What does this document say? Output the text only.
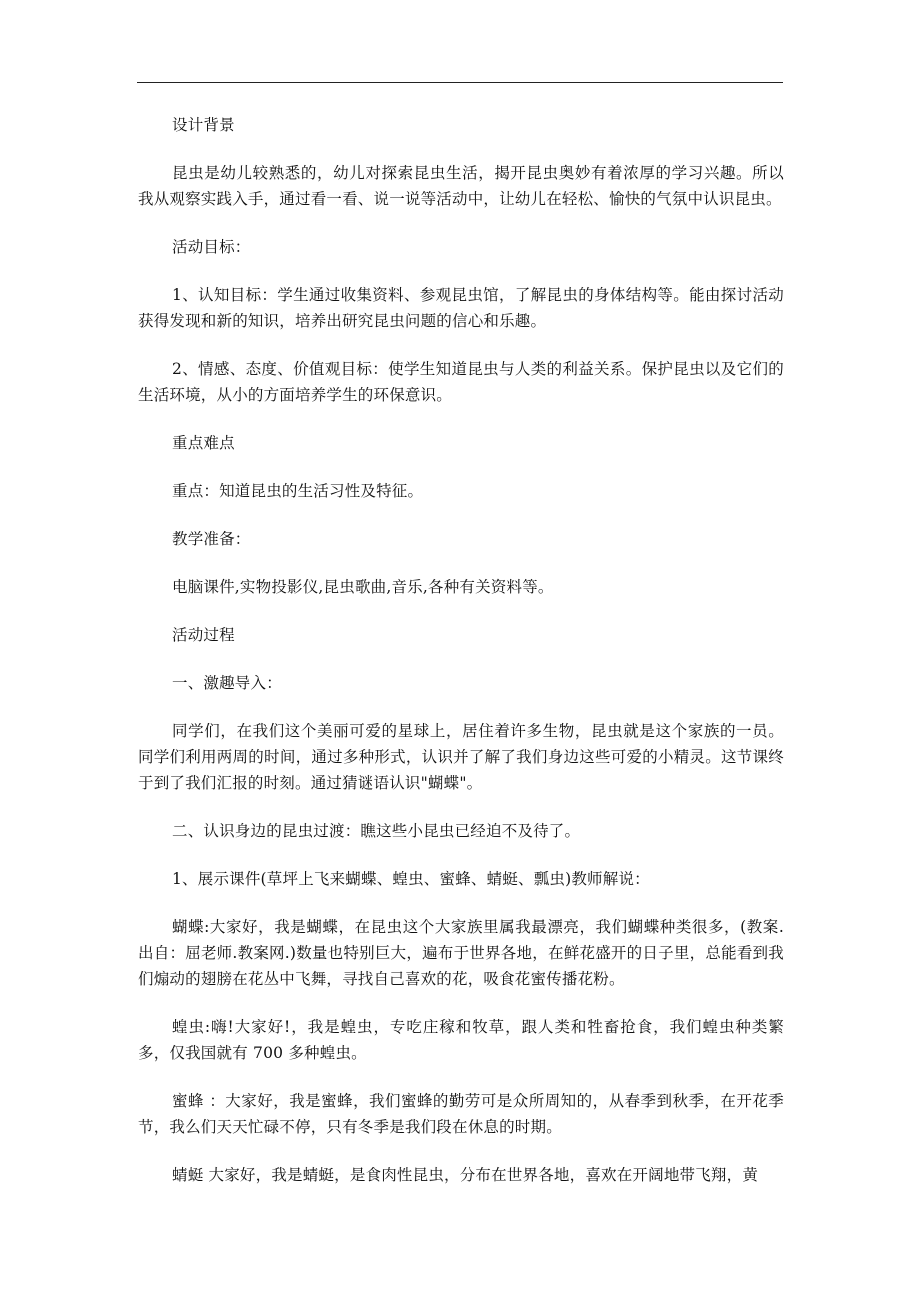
设计背景

昆虫是幼儿较熟悉的，幼儿对探索昆虫生活，揭开昆虫奥妙有着浓厚的学习兴趣。所以我从观察实践入手，通过看一看、说一说等活动中，让幼儿在轻松、愉快的气氛中认识昆虫。

活动目标：

1、认知目标：学生通过收集资料、参观昆虫馆，了解昆虫的身体结构等。能由探讨活动获得发现和新的知识，培养出研究昆虫问题的信心和乐趣。

2、情感、态度、价值观目标：使学生知道昆虫与人类的利益关系。保护昆虫以及它们的生活环境，从小的方面培养学生的环保意识。

重点难点

重点：知道昆虫的生活习性及特征。

教学准备：

电脑课件,实物投影仪,昆虫歌曲,音乐,各种有关资料等。

活动过程

一、激趣导入：

同学们，在我们这个美丽可爱的星球上，居住着许多生物，昆虫就是这个家族的一员。同学们利用两周的时间，通过多种形式，认识并了解了我们身边这些可爱的小精灵。这节课终于到了我们汇报的时刻。通过猜谜语认识"蝴蝶"。

二、认识身边的昆虫过渡：瞧这些小昆虫已经迫不及待了。

1、展示课件(草坪上飞来蝴蝶、蝗虫、蜜蜂、蜻蜓、瓢虫)教师解说：

蝴蝶:大家好，我是蝴蝶，在昆虫这个大家族里属我最漂亮，我们蝴蝶种类很多，(教案.出自：屈老师.教案网.)数量也特别巨大，遍布于世界各地，在鲜花盛开的日子里，总能看到我们煽动的翅膀在花丛中飞舞，寻找自己喜欢的花，吸食花蜜传播花粉。

蝗虫:嗨!大家好!，我是蝗虫，专吃庄稼和牧草，跟人类和牲畜抢食，我们蝗虫种类繁多，仅我国就有 700 多种蝗虫。

蜜蜂 ：大家好，我是蜜蜂，我们蜜蜂的勤劳可是众所周知的，从春季到秋季，在开花季节，我么们天天忙碌不停，只有冬季是我们段在休息的时期。

蜻蜓 大家好，我是蜻蜓，是食肉性昆虫，分布在世界各地，喜欢在开阔地带飞翔，黄
